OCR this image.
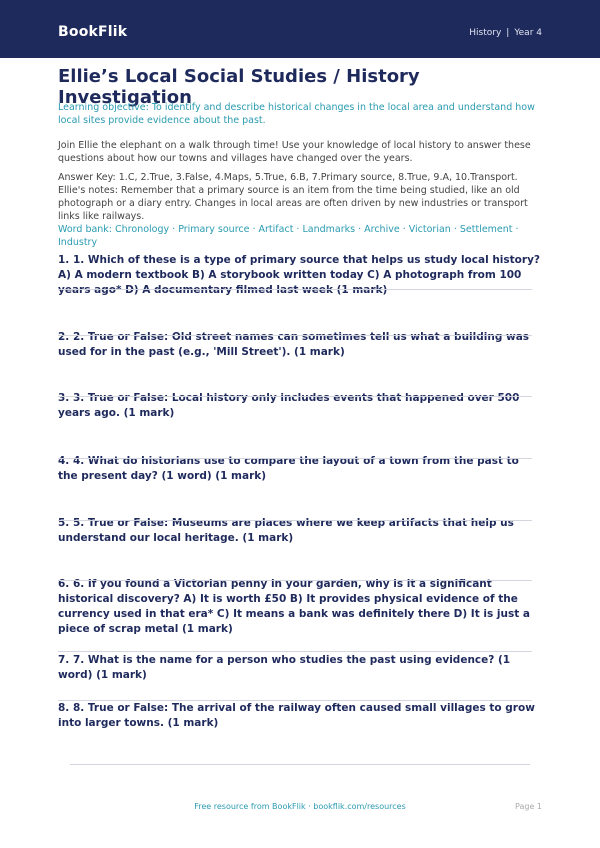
BookFlik	History | Year 4
Ellie’s Local Social Studies / History Investigation

Learning objective: To identify and describe historical changes in the local area and understand how local sites provide evidence about the past.

Join Ellie the elephant on a walk through time! Use your knowledge of local history to answer these questions about how our towns and villages have changed over the years.

Answer Key: 1.C, 2.True, 3.False, 4.Maps, 5.True, 6.B, 7.Primary source, 8.True, 9.A, 10.Transport. Ellie's notes: Remember that a primary source is an item from the time being studied, like an old photograph or a diary entry. Changes in local areas are often driven by new industries or transport links like railways.

Word bank: Chronology · Primary source · Artifact · Landmarks · Archive · Victorian · Settlement · Industry

1. 1. Which of these is a type of primary source that helps us study local history? A) A modern textbook B) A storybook written today C) A photograph from 100 years ago* D) A documentary filmed last week (1 mark)

2. 2. True or False: Old street names can sometimes tell us what a building was used for in the past (e.g., 'Mill Street'). (1 mark)

3. 3. True or False: Local history only includes events that happened over 500 years ago. (1 mark)

4. 4. What do historians use to compare the layout of a town from the past to the present day? (1 word) (1 mark)

5. 5. True or False: Museums are places where we keep artifacts that help us understand our local heritage. (1 mark)

6. 6. If you found a Victorian penny in your garden, why is it a significant historical discovery? A) It is worth £50 B) It provides physical evidence of the currency used in that era* C) It means a bank was definitely there D) It is just a piece of scrap metal (1 mark)

7. 7. What is the name for a person who studies the past using evidence? (1 word) (1 mark)

8. 8. True or False: The arrival of the railway often caused small villages to grow into larger towns. (1 mark)

Free resource from BookFlik · bookflik.com/resources	Page 1
